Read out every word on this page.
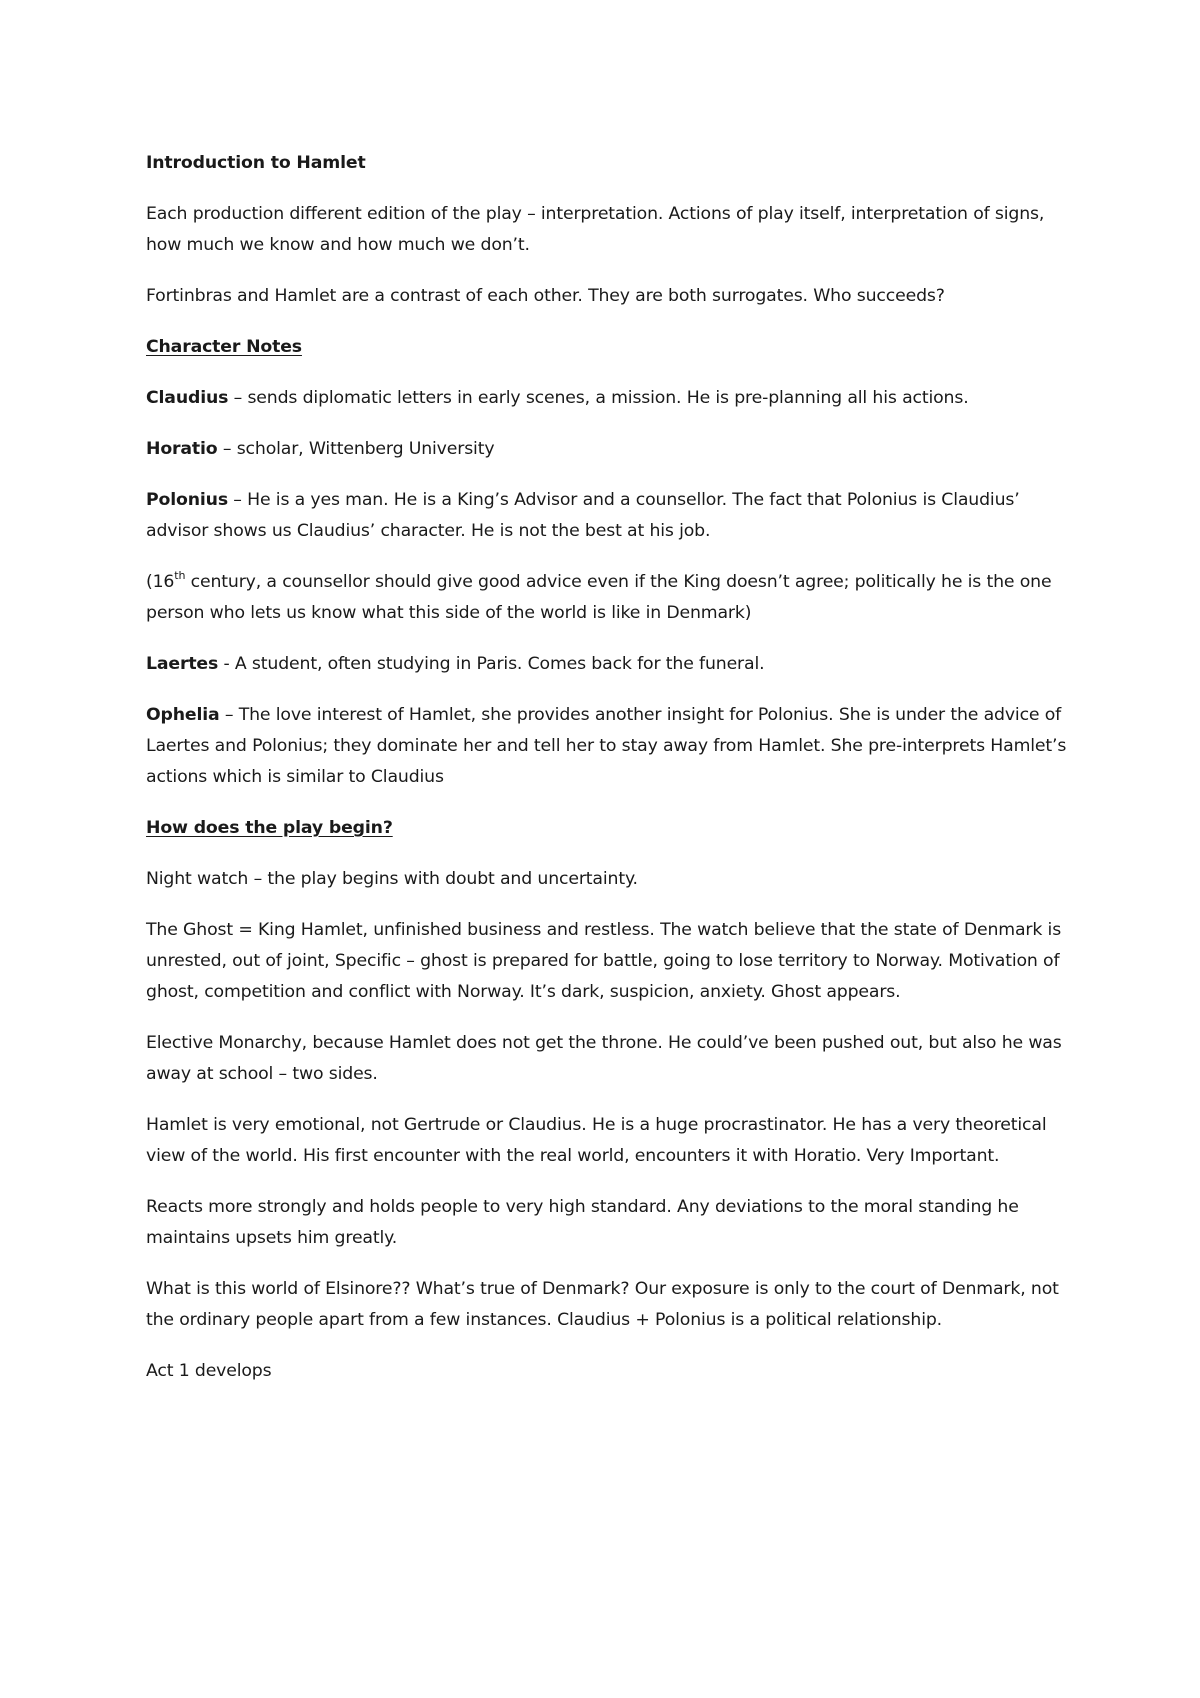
Introduction to Hamlet

Each production different edition of the play – interpretation. Actions of play itself, interpretation of signs, how much we know and how much we don’t.

Fortinbras and Hamlet are a contrast of each other. They are both surrogates. Who succeeds?

Character Notes

Claudius – sends diplomatic letters in early scenes, a mission. He is pre-planning all his actions.

Horatio – scholar, Wittenberg University

Polonius – He is a yes man. He is a King’s Advisor and a counsellor. The fact that Polonius is Claudius’ advisor shows us Claudius’ character. He is not the best at his job.

(16th century, a counsellor should give good advice even if the King doesn’t agree; politically he is the one person who lets us know what this side of the world is like in Denmark)

Laertes - A student, often studying in Paris. Comes back for the funeral.

Ophelia – The love interest of Hamlet, she provides another insight for Polonius. She is under the advice of Laertes and Polonius; they dominate her and tell her to stay away from Hamlet. She pre-interprets Hamlet’s actions which is similar to Claudius

How does the play begin?

Night watch – the play begins with doubt and uncertainty.

The Ghost = King Hamlet, unfinished business and restless. The watch believe that the state of Denmark is unrested, out of joint, Specific – ghost is prepared for battle, going to lose territory to Norway. Motivation of ghost, competition and conflict with Norway. It’s dark, suspicion, anxiety. Ghost appears.

Elective Monarchy, because Hamlet does not get the throne. He could’ve been pushed out, but also he was away at school – two sides.

Hamlet is very emotional, not Gertrude or Claudius. He is a huge procrastinator. He has a very theoretical view of the world. His first encounter with the real world, encounters it with Horatio. Very Important.

Reacts more strongly and holds people to very high standard. Any deviations to the moral standing he maintains upsets him greatly.

What is this world of Elsinore?? What’s true of Denmark? Our exposure is only to the court of Denmark, not the ordinary people apart from a few instances. Claudius + Polonius is a political relationship.

Act 1 develops
